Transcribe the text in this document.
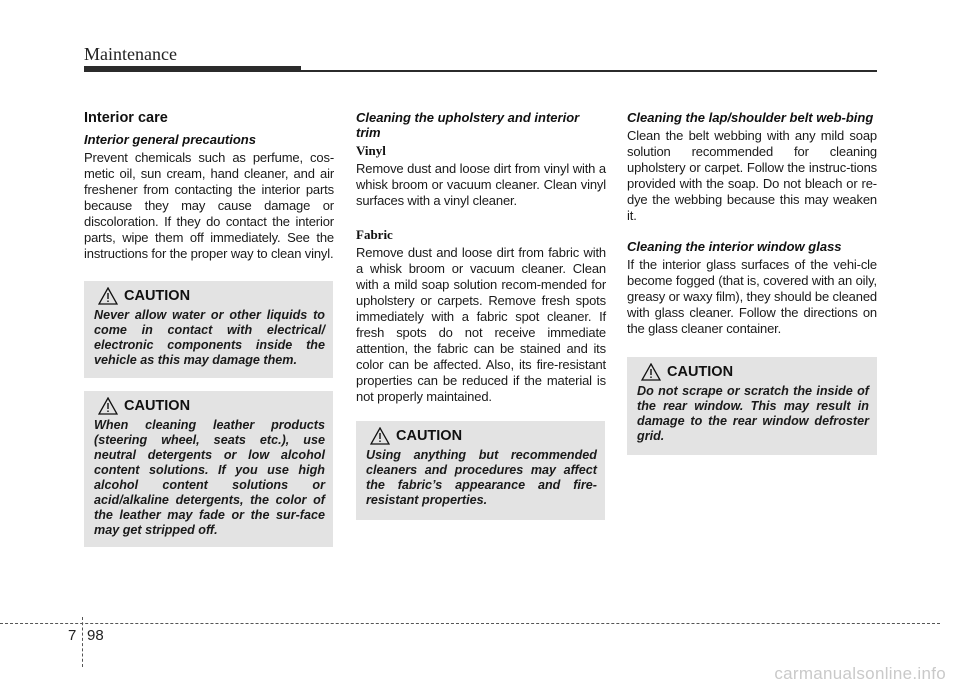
Maintenance
Interior care
Interior general precautions

Prevent chemicals such as perfume, cos-metic oil, sun cream, hand cleaner, and air freshener from contacting the interior parts because they may cause damage or discoloration. If they do contact the interior parts, wipe them off immediately. See the instructions for the proper way to clean vinyl.

CAUTION

Never allow water or other liquids to come in contact with electrical/ electronic components inside the vehicle as this may damage them.

CAUTION

When cleaning leather products (steering wheel, seats etc.), use neutral detergents or low alcohol content solutions. If you use high alcohol content solutions or acid/alkaline detergents, the color of the leather may fade or the sur-face may get stripped off.

Cleaning the upholstery and interior trim
Vinyl

Remove dust and loose dirt from vinyl with a whisk broom or vacuum cleaner. Clean vinyl surfaces with a vinyl cleaner.

Fabric

Remove dust and loose dirt from fabric with a whisk broom or vacuum cleaner. Clean with a mild soap solution recom-mended for upholstery or carpets. Remove fresh spots immediately with a fabric spot cleaner. If fresh spots do not receive immediate attention, the fabric can be stained and its color can be affected. Also, its fire-resistant properties can be reduced if the material is not properly maintained.

CAUTION

Using anything but recommended cleaners and procedures may affect the fabric’s appearance and fire-resistant properties.

Cleaning the lap/shoulder belt web-bing

Clean the belt webbing with any mild soap solution recommended for cleaning upholstery or carpet. Follow the instruc-tions provided with the soap. Do not bleach or re-dye the webbing because this may weaken it.

Cleaning the interior window glass

If the interior glass surfaces of the vehi-cle become fogged (that is, covered with an oily, greasy or waxy film), they should be cleaned with glass cleaner. Follow the directions on the glass cleaner container.

CAUTION

Do not scrape or scratch the inside of the rear window. This may result in damage to the rear window defroster grid.

7 98
carmanualsonline.info
